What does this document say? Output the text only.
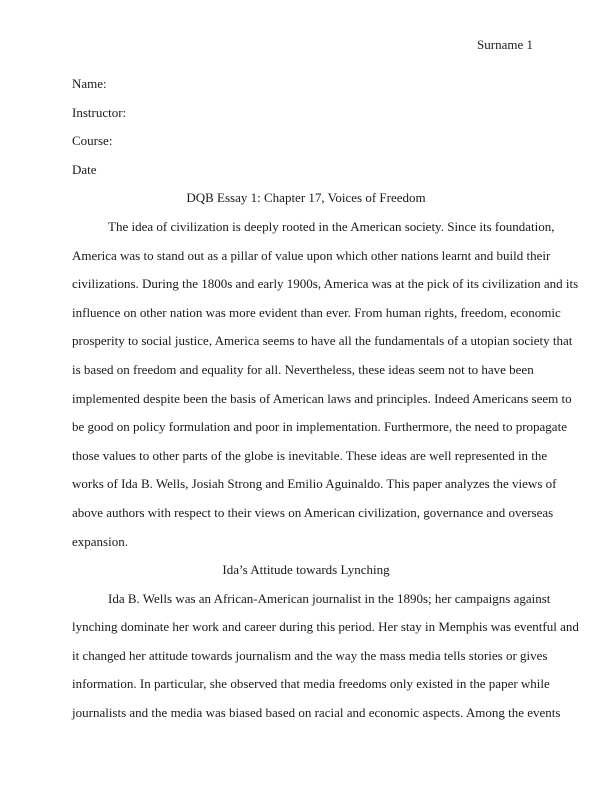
Surname 1

Name:

Instructor:

Course:

Date

DQB Essay 1: Chapter 17, Voices of Freedom

The idea of civilization is deeply rooted in the American society. Since its foundation,

America was to stand out as a pillar of value upon which other nations learnt and build their

civilizations. During the 1800s and early 1900s, America was at the pick of its civilization and its

influence on other nation was more evident than ever. From human rights, freedom, economic

prosperity to social justice, America seems to have all the fundamentals of a utopian society that

is based on freedom and equality for all. Nevertheless, these ideas seem not to have been

implemented despite been the basis of American laws and principles. Indeed Americans seem to

be good on policy formulation and poor in implementation. Furthermore, the need to propagate

those values to other parts of the globe is inevitable. These ideas are well represented in the

works of Ida B. Wells, Josiah Strong and Emilio Aguinaldo. This paper analyzes the views of

above authors with respect to their views on American civilization, governance and overseas

expansion.

Ida’s Attitude towards Lynching

Ida B. Wells was an African-American journalist in the 1890s; her campaigns against

lynching dominate her work and career during this period. Her stay in Memphis was eventful and

it changed her attitude towards journalism and the way the mass media tells stories or gives

information. In particular, she observed that media freedoms only existed in the paper while

journalists and the media was biased based on racial and economic aspects. Among the events
